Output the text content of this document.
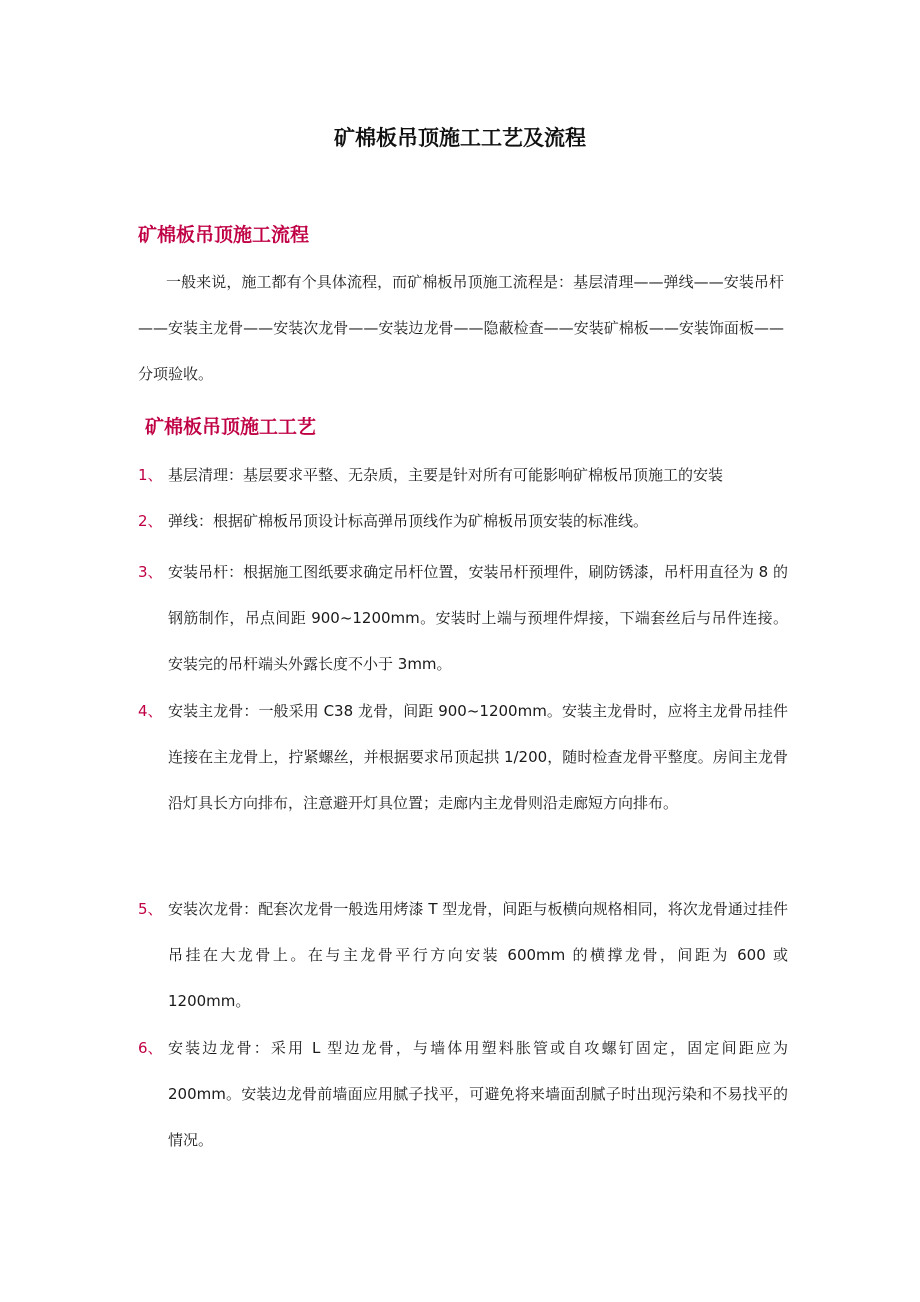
矿棉板吊顶施工工艺及流程
矿棉板吊顶施工流程

一般来说，施工都有个具体流程，而矿棉板吊顶施工流程是：基层清理——弹线——安装吊杆——安装主龙骨——安装次龙骨——安装边龙骨——隐蔽检查——安装矿棉板——安装饰面板——分项验收。

矿棉板吊顶施工工艺
1、 基层清理：基层要求平整、无杂质，主要是针对所有可能影响矿棉板吊顶施工的安装
2、 弹线：根据矿棉板吊顶设计标高弹吊顶线作为矿棉板吊顶安装的标准线。
3、 安装吊杆：根据施工图纸要求确定吊杆位置，安装吊杆预埋件，刷防锈漆，吊杆用直径为 8 的钢筋制作，吊点间距 900~1200mm。安装时上端与预埋件焊接，下端套丝后与吊件连接。安装完的吊杆端头外露长度不小于 3mm。
4、 安装主龙骨：一般采用 C38 龙骨，间距 900~1200mm。安装主龙骨时，应将主龙骨吊挂件连接在主龙骨上，拧紧螺丝，并根据要求吊顶起拱 1/200，随时检查龙骨平整度。房间主龙骨沿灯具长方向排布，注意避开灯具位置；走廊内主龙骨则沿走廊短方向排布。
5、 安装次龙骨：配套次龙骨一般选用烤漆 T 型龙骨，间距与板横向规格相同，将次龙骨通过挂件吊挂在大龙骨上。在与主龙骨平行方向安装 600mm 的横撑龙骨，间距为 600 或 1200mm。
6、 安装边龙骨：采用 L 型边龙骨，与墙体用塑料胀管或自攻螺钉固定，固定间距应为 200mm。安装边龙骨前墙面应用腻子找平，可避免将来墙面刮腻子时出现污染和不易找平的情况。
